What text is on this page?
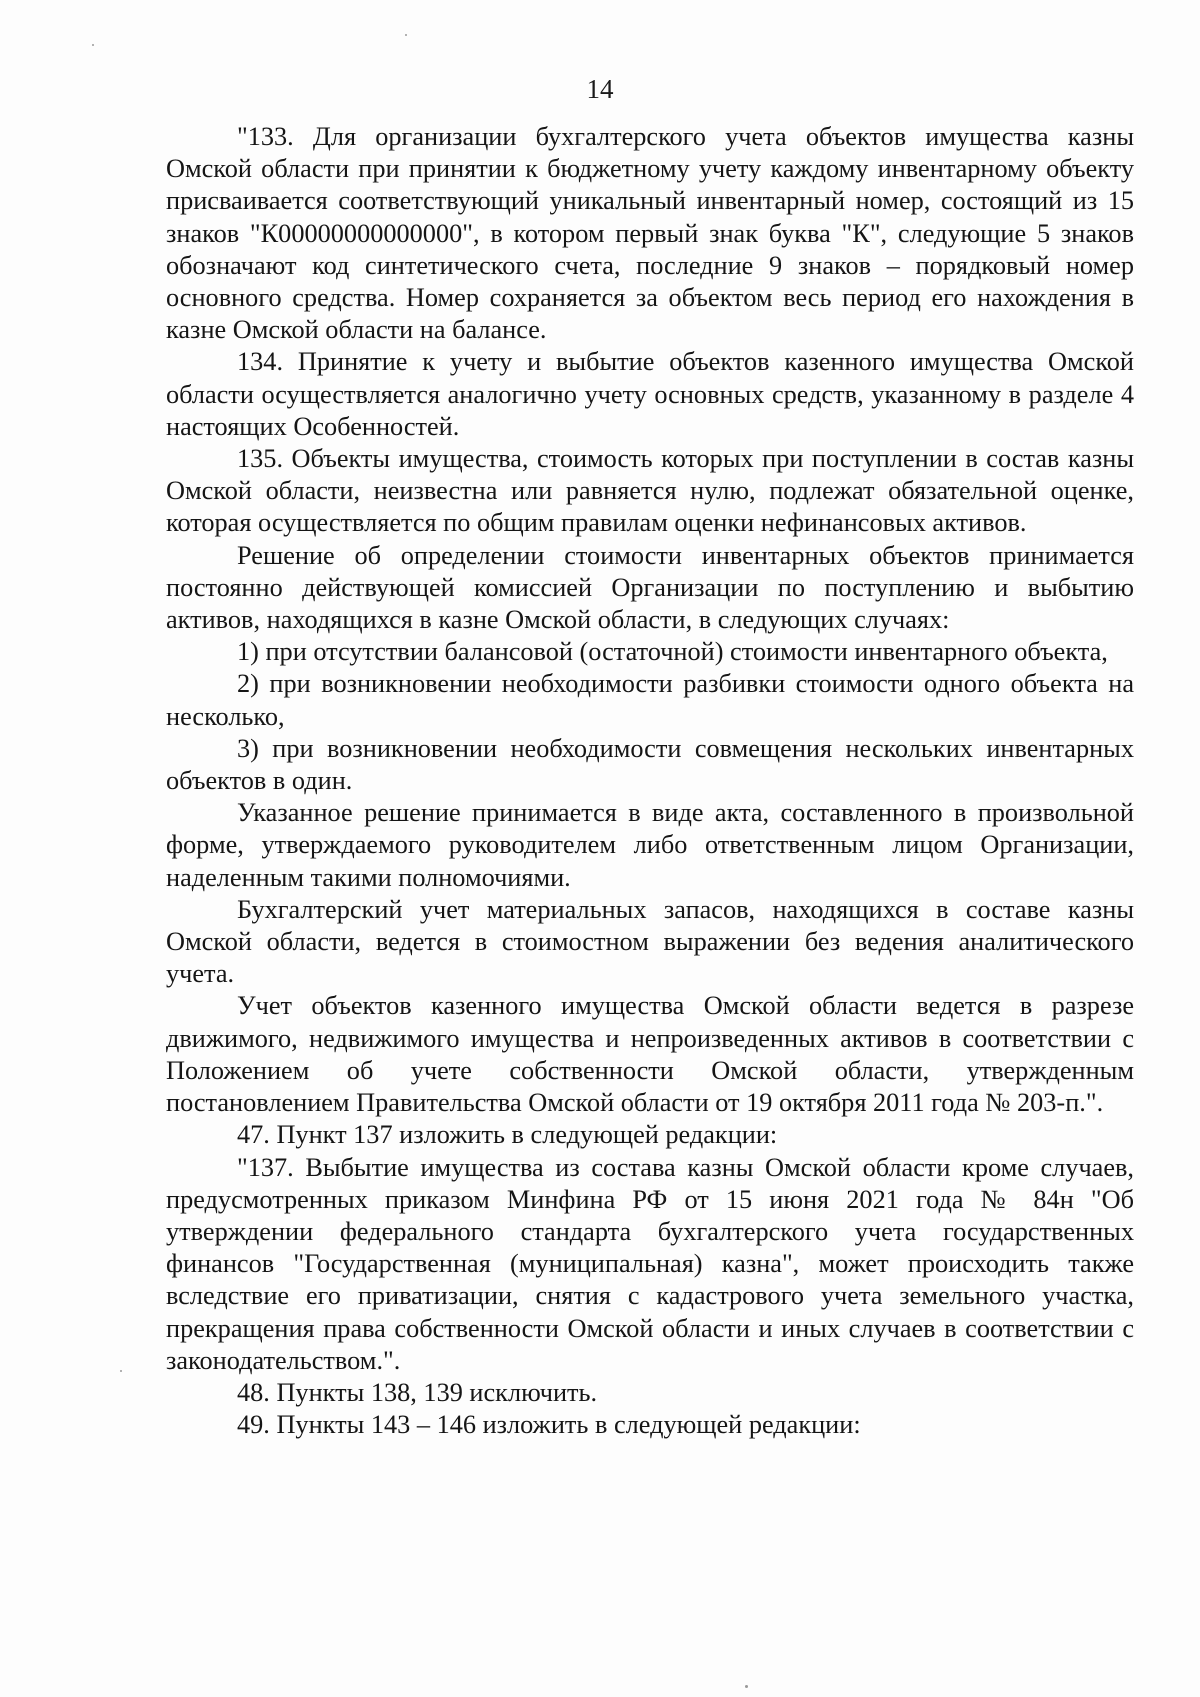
14

"133. Для организации бухгалтерского учета объектов имущества казны Омской области при принятии к бюджетному учету каждому инвентарному объекту присваивается соответствующий уникальный инвентарный номер, состоящий из 15 знаков "К00000000000000", в котором первый знак буква "К", следующие 5 знаков обозначают код синтетического счета, последние 9 знаков – порядковый номер основного средства. Номер сохраняется за объектом весь период его нахождения в казне Омской области на балансе.

134. Принятие к учету и выбытие объектов казенного имущества Омской области осуществляется аналогично учету основных средств, указанному в разделе 4 настоящих Особенностей.

135. Объекты имущества, стоимость которых при поступлении в состав казны Омской области, неизвестна или равняется нулю, подлежат обязательной оценке, которая осуществляется по общим правилам оценки нефинансовых активов.

Решение об определении стоимости инвентарных объектов принимается постоянно действующей комиссией Организации по поступлению и выбытию активов, находящихся в казне Омской области, в следующих случаях:

1) при отсутствии балансовой (остаточной) стоимости инвентарного объекта,

2) при возникновении необходимости разбивки стоимости одного объекта на несколько,

3) при возникновении необходимости совмещения нескольких инвентарных объектов в один.

Указанное решение принимается в виде акта, составленного в произвольной форме, утверждаемого руководителем либо ответственным лицом Организации, наделенным такими полномочиями.

Бухгалтерский учет материальных запасов, находящихся в составе казны Омской области, ведется в стоимостном выражении без ведения аналитического учета.

Учет объектов казенного имущества Омской области ведется в разрезе движимого, недвижимого имущества и непроизведенных активов в соответствии с Положением об учете собственности Омской области, утвержденным постановлением Правительства Омской области от 19 октября 2011 года № 203-п.".

47. Пункт 137 изложить в следующей редакции:

"137. Выбытие имущества из состава казны Омской области кроме случаев, предусмотренных приказом Минфина РФ от 15 июня 2021 года № 84н "Об утверждении федерального стандарта бухгалтерского учета государственных финансов "Государственная (муниципальная) казна", может происходить также вследствие его приватизации, снятия с кадастрового учета земельного участка, прекращения права собственности Омской области и иных случаев в соответствии с законодательством.".

48. Пункты 138, 139 исключить.

49. Пункты 143 – 146 изложить в следующей редакции:
